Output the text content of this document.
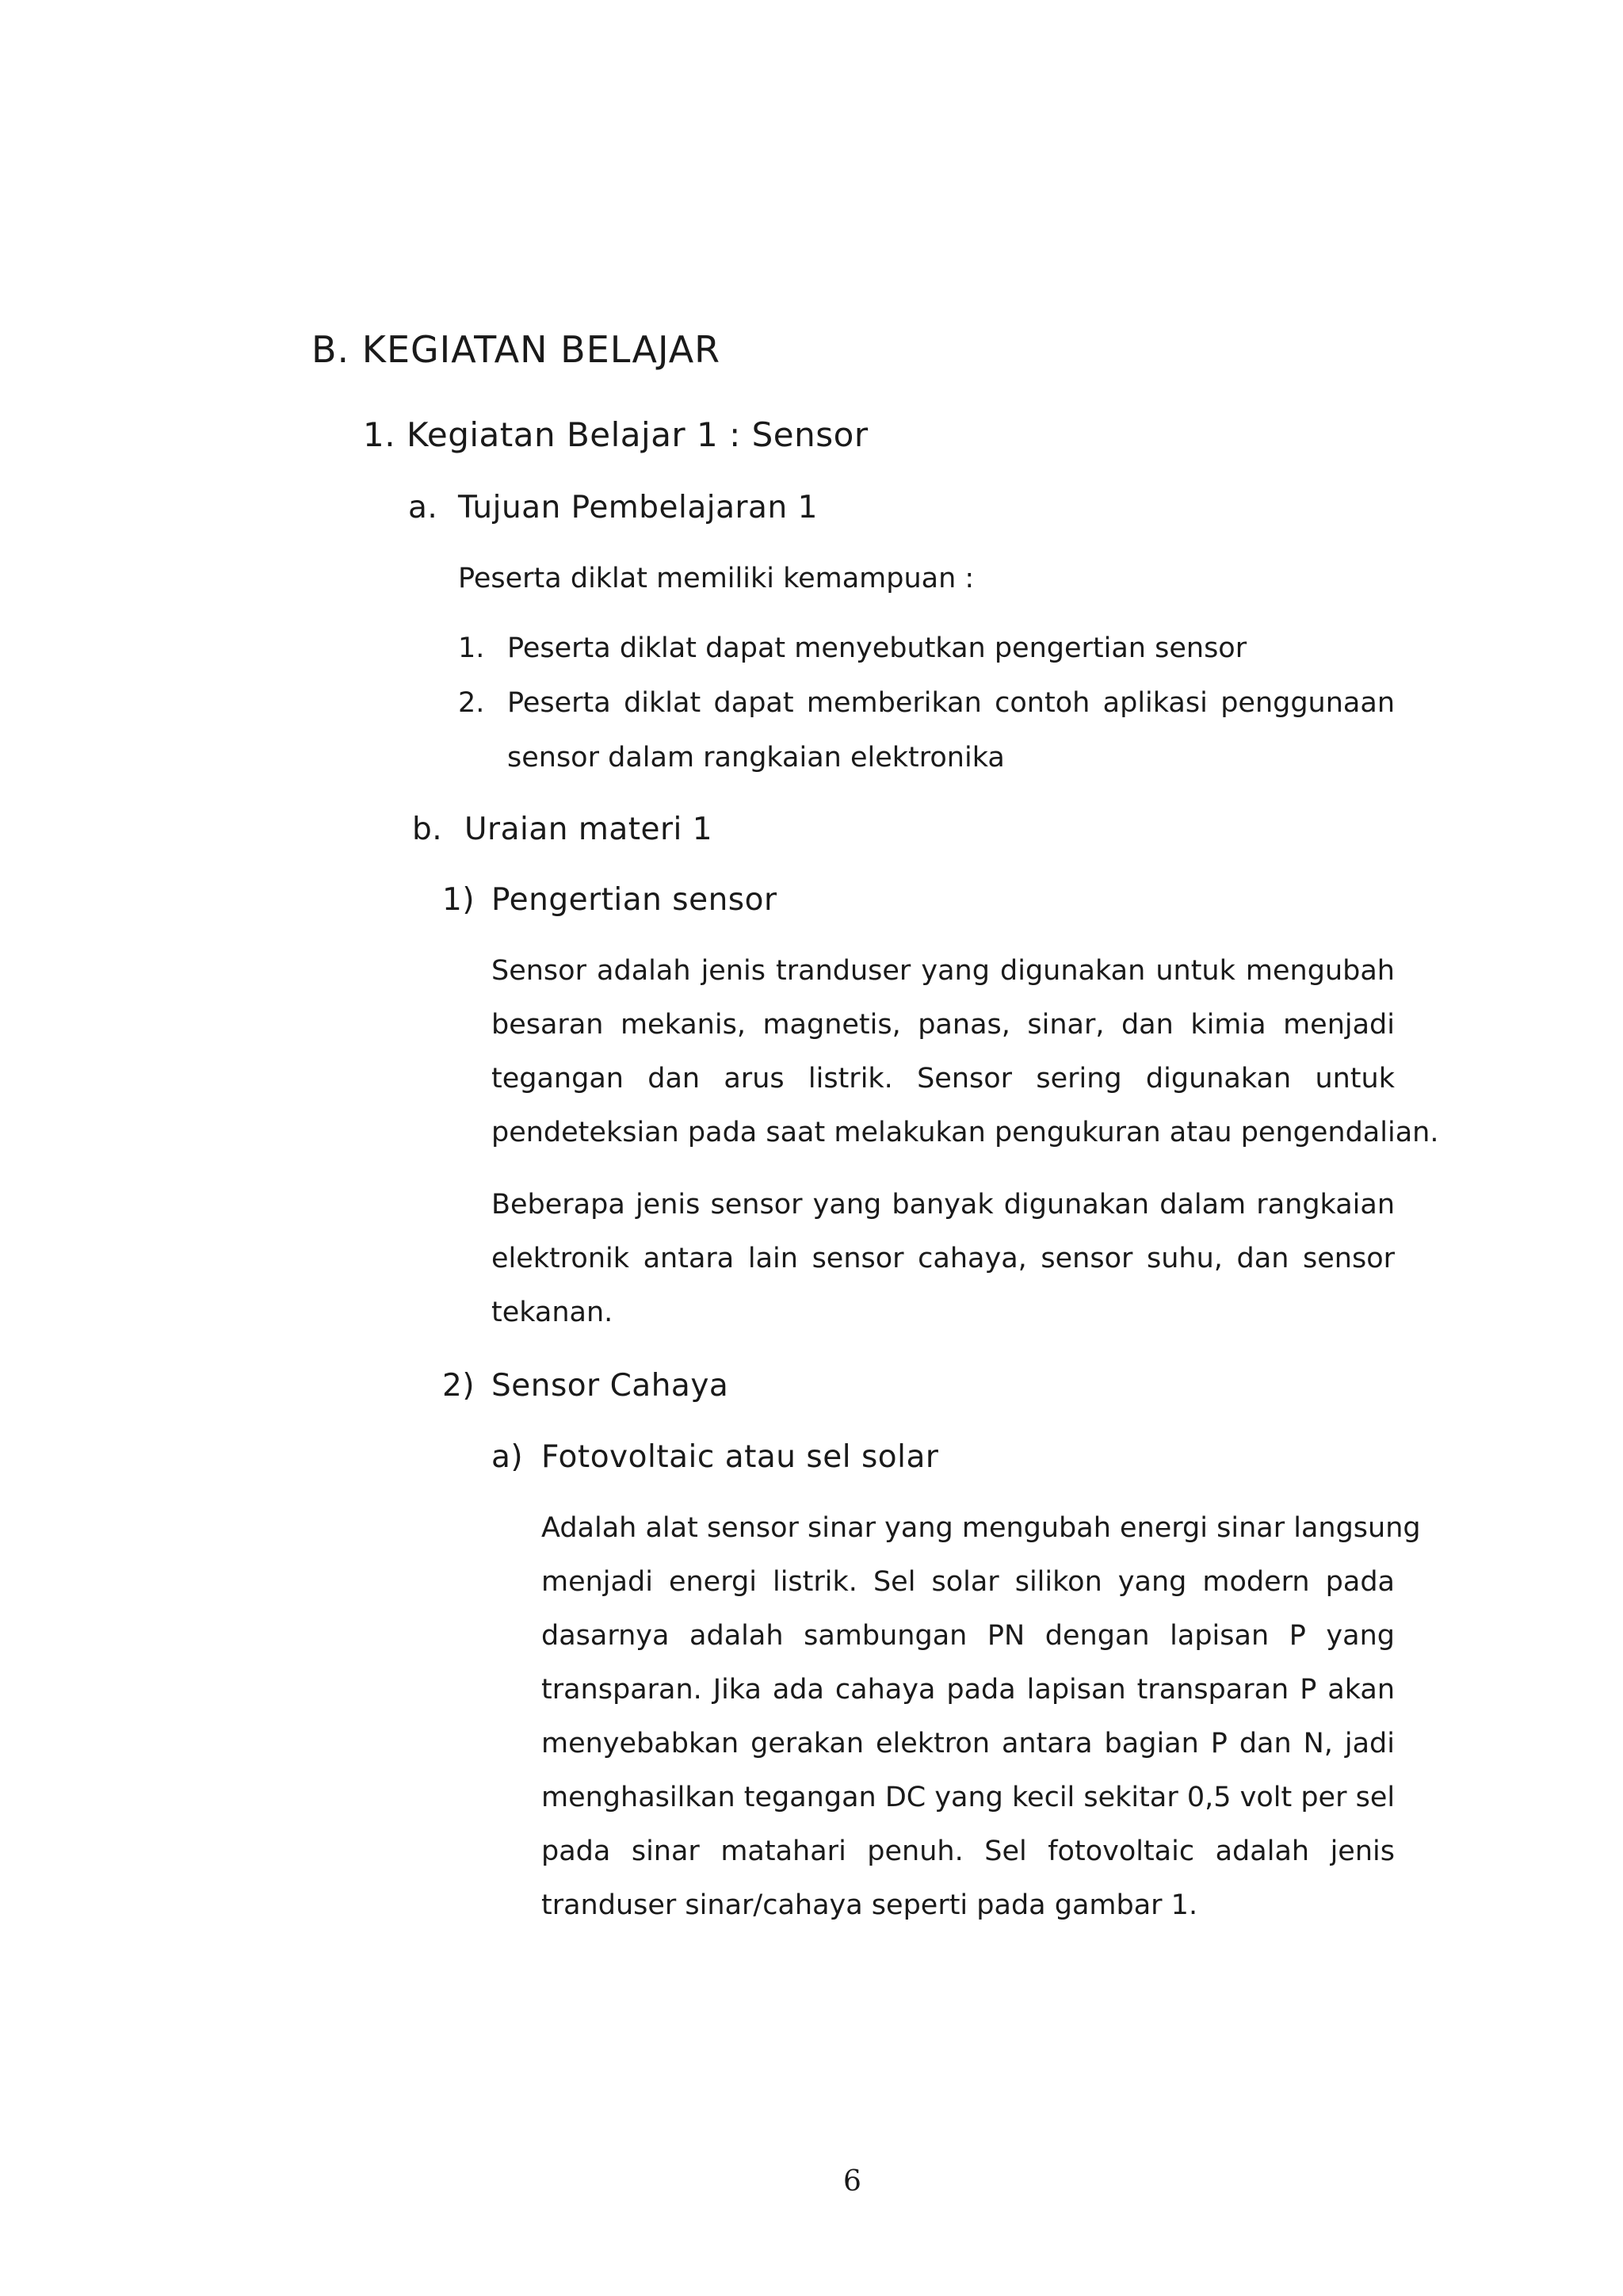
B. KEGIATAN BELAJAR
1. Kegiatan Belajar 1 : Sensor
a. Tujuan Pembelajaran 1
Peserta diklat memiliki kemampuan :
1. Peserta diklat dapat menyebutkan pengertian sensor
2. Peserta diklat dapat memberikan contoh aplikasi penggunaan
sensor dalam rangkaian elektronika
b. Uraian materi 1
1) Pengertian sensor
Sensor adalah jenis tranduser yang digunakan untuk mengubah
besaran mekanis, magnetis, panas, sinar, dan kimia menjadi
tegangan dan arus listrik. Sensor sering digunakan untuk
pendeteksian pada saat melakukan pengukuran atau pengendalian.
Beberapa jenis sensor yang banyak digunakan dalam rangkaian
elektronik antara lain sensor cahaya, sensor suhu, dan sensor
tekanan.
2) Sensor Cahaya
a) Fotovoltaic atau sel solar
Adalah alat sensor sinar yang mengubah energi sinar langsung
menjadi energi listrik. Sel solar silikon yang modern pada
dasarnya adalah sambungan PN dengan lapisan P yang
transparan. Jika ada cahaya pada lapisan transparan P akan
menyebabkan gerakan elektron antara bagian P dan N, jadi
menghasilkan tegangan DC yang kecil sekitar 0,5 volt per sel
pada sinar matahari penuh. Sel fotovoltaic adalah jenis
tranduser sinar/cahaya seperti pada gambar 1.
6
